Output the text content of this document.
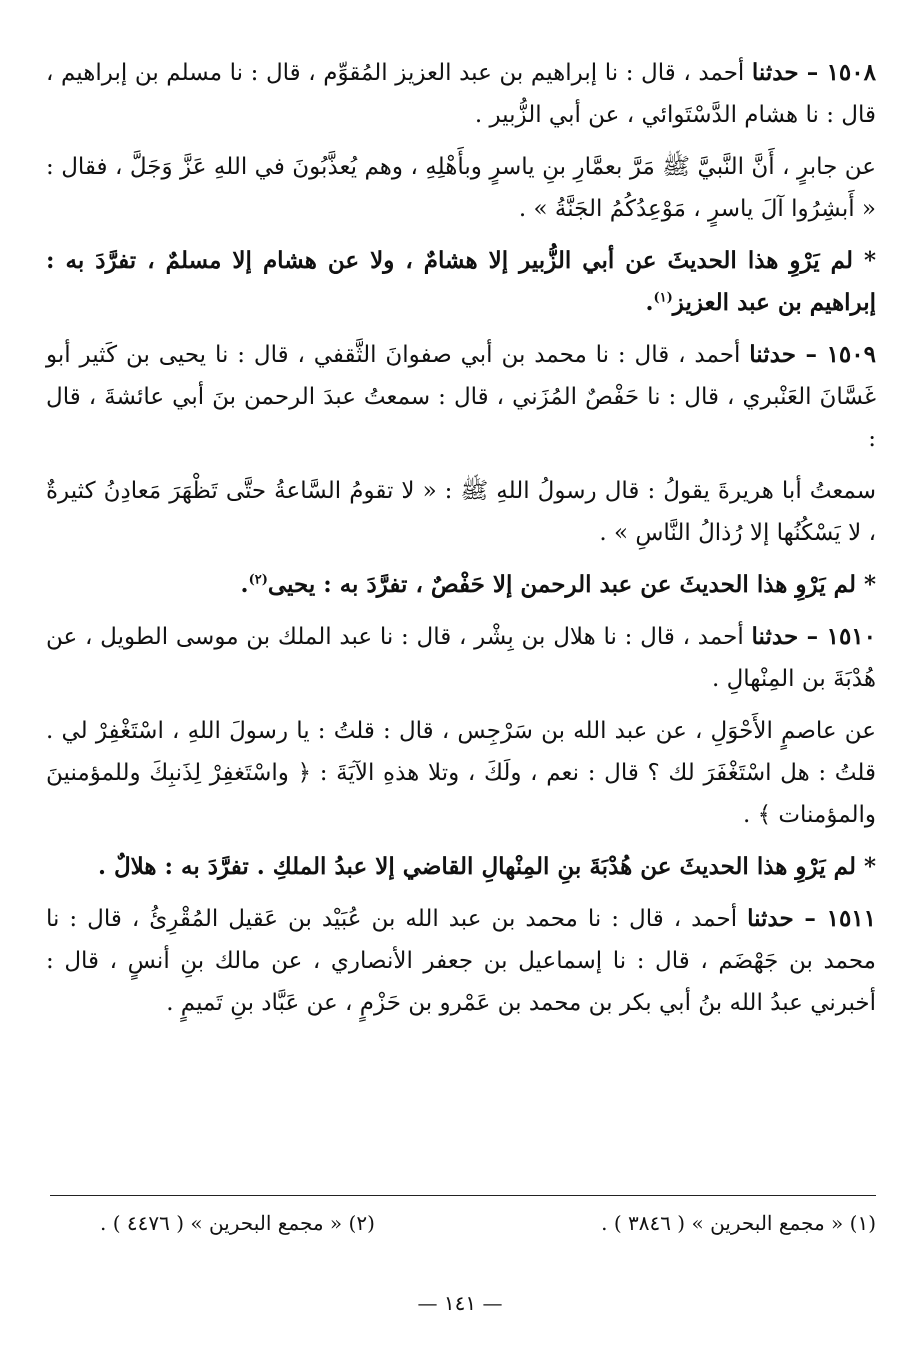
١٥٠٨ – حدثنا أحمد ، قال : نا إبراهيم بن عبد العزيز المُقوِّم ، قال : نا مسلم بن إبراهيم ، قال : نا هشام الدَّسْتَوائي ، عن أبي الزُّبير .

عن جابرٍ ، أَنَّ النَّبيَّ ﷺ مَرَّ بعمَّارِ بنِ ياسرٍ وبأَهْلِهِ ، وهم يُعذَّبُونَ في اللهِ عَزَّ وَجَلَّ ، فقال : « أَبشِرُوا آلَ ياسرٍ ، مَوْعِدُكُمُ الجَنَّةُ » .

* لم يَرْوِ هذا الحديثَ عن أبي الزُّبير إلا هشامٌ ، ولا عن هشام إلا مسلمٌ ، تفرَّدَ به : إبراهيم بن عبد العزيز$^{(١)}$.

١٥٠٩ – حدثنا أحمد ، قال : نا محمد بن أبي صفوانَ الثَّقفي ، قال : نا يحيى بن كَثير أبو غَسَّانَ العَنْبري ، قال : نا حَفْصٌ المُزَني ، قال : سمعتُ عبدَ الرحمن بنَ أبي عائشةَ ، قال :

سمعتُ أبا هريرةَ يقولُ : قال رسولُ اللهِ ﷺ : « لا تقومُ السَّاعةُ حتَّى تَظْهَرَ مَعادِنُ كثيرةٌ ، لا يَسْكُنُها إلا رُذالُ النَّاسِ » .

* لم يَرْوِ هذا الحديثَ عن عبد الرحمن إلا حَفْصٌ ، تفرَّدَ به : يحيى$^{(٢)}$.

١٥١٠ – حدثنا أحمد ، قال : نا هلال بن بِشْر ، قال : نا عبد الملك بن موسى الطويل ، عن هُدْبَةَ بن المِنْهالِ .

عن عاصمٍ الأَحْوَلِ ، عن عبد الله بن سَرْجِس ، قال : قلتُ : يا رسولَ اللهِ ، اسْتَغْفِرْ لي . قلتُ : هل اسْتَغْفَرَ لك ؟ قال : نعم ، ولَكَ ، وتلا هذهِ الآيَةَ : ﴿ واسْتَغفِرْ لِذَنبِكَ وللمؤمنينَ والمؤمنات ﴾ .

* لم يَرْوِ هذا الحديثَ عن هُدْبَةَ بنِ المِنْهالِ القاضي إلا عبدُ الملكِ . تفرَّدَ به : هلالٌ .

١٥١١ – حدثنا أحمد ، قال : نا محمد بن عبد الله بن عُبَيْد بن عَقيل المُقْرِئُ ، قال : نا محمد بن جَهْضَم ، قال : نا إسماعيل بن جعفر الأنصاري ، عن مالك بنِ أنسٍ ، قال : أخبرني عبدُ الله بنُ أبي بكر بن محمد بن عَمْرو بن حَزْمٍ ، عن عَبَّاد بنِ تَميمٍ .

(١) « مجمع البحرين » ( ٣٨٤٦ ) .
(٢) « مجمع البحرين » ( ٤٤٧٦ ) .
— ١٤١ —
